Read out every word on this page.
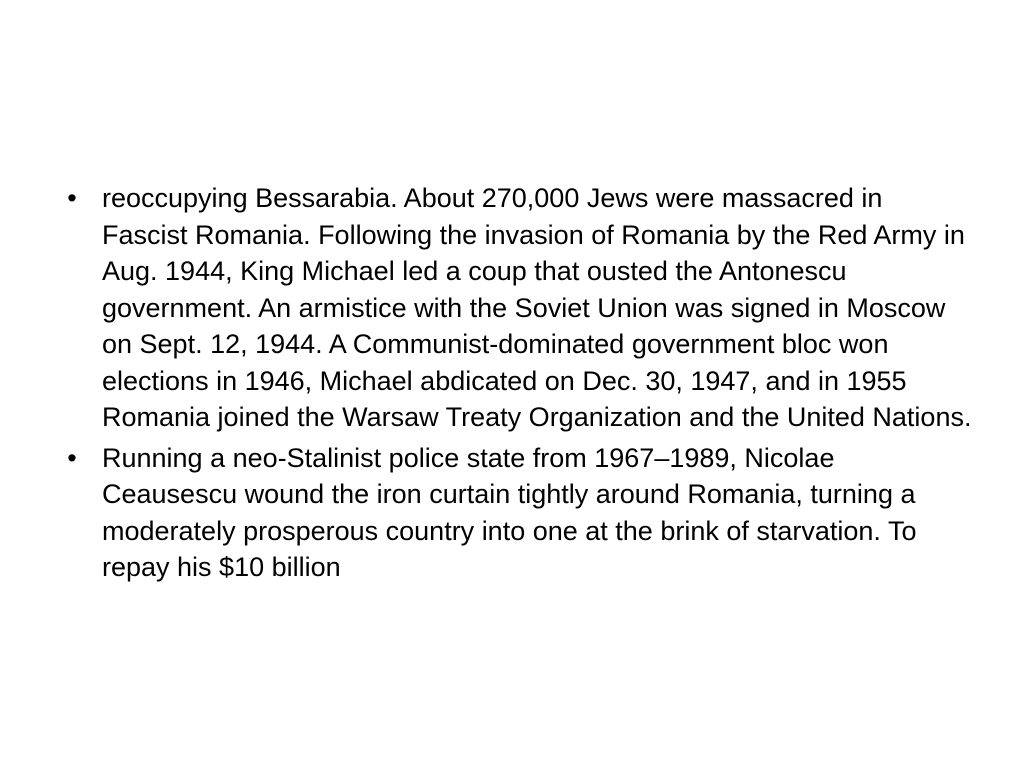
• reoccupying Bessarabia. About 270,000 Jews were massacred in Fascist Romania. Following the invasion of Romania by the Red Army in Aug. 1944, King Michael led a coup that ousted the Antonescu government. An armistice with the Soviet Union was signed in Moscow on Sept. 12, 1944. A Communist-dominated government bloc won elections in 1946, Michael abdicated on Dec. 30, 1947, and in 1955 Romania joined the Warsaw Treaty Organization and the United Nations.
• Running a neo-Stalinist police state from 1967–1989, Nicolae Ceausescu wound the iron curtain tightly around Romania, turning a moderately prosperous country into one at the brink of starvation. To repay his $10 billion
